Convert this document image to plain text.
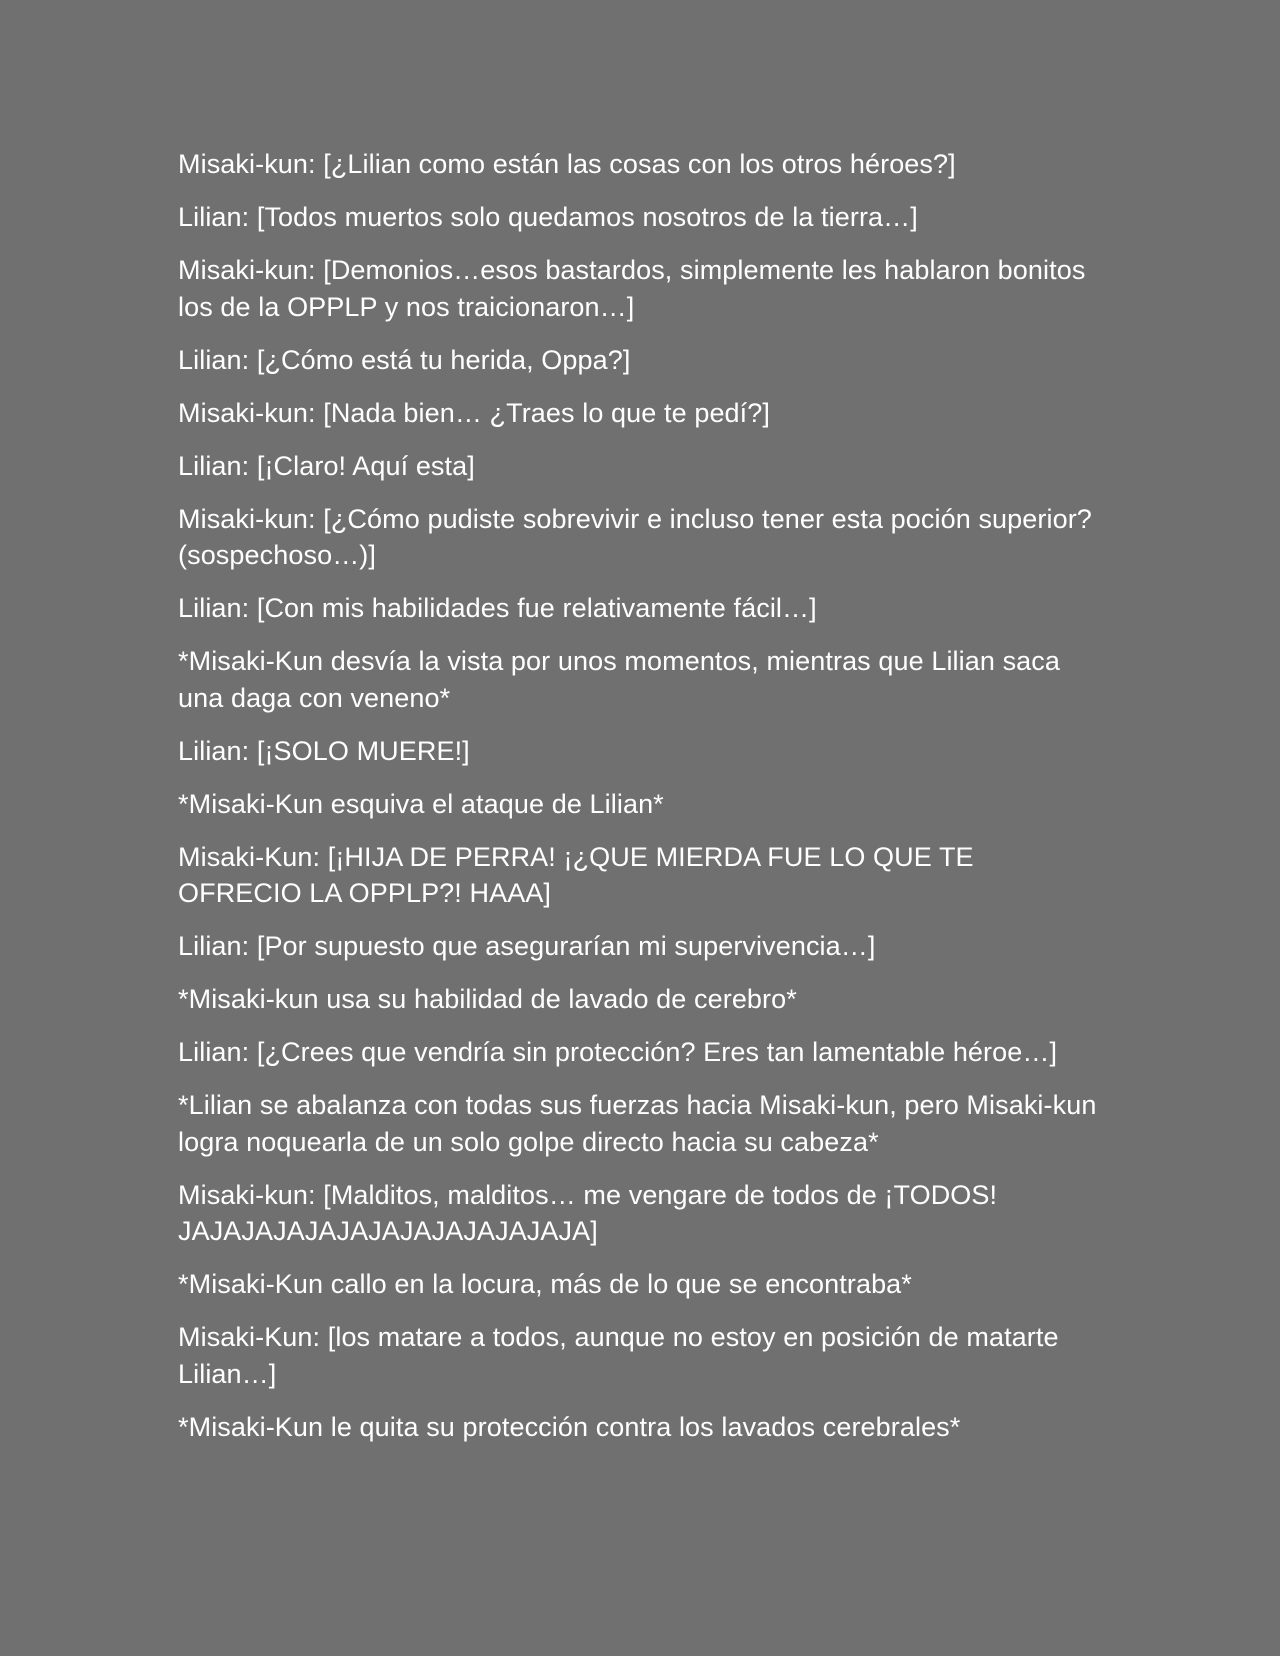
Misaki-kun: [¿Lilian como están las cosas con los otros héroes?]

Lilian: [Todos muertos solo quedamos nosotros de la tierra…]

Misaki-kun: [Demonios…esos bastardos, simplemente les hablaron bonitos los de la OPPLP y nos traicionaron…]

Lilian: [¿Cómo está tu herida, Oppa?]

Misaki-kun: [Nada bien… ¿Traes lo que te pedí?]

Lilian: [¡Claro! Aquí esta]

Misaki-kun: [¿Cómo pudiste sobrevivir e incluso tener esta poción superior? (sospechoso…)]

Lilian: [Con mis habilidades fue relativamente fácil…]

*Misaki-Kun desvía la vista por unos momentos, mientras que Lilian saca una daga con veneno*

Lilian: [¡SOLO MUERE!]

*Misaki-Kun esquiva el ataque de Lilian*

Misaki-Kun: [¡HIJA DE PERRA! ¡¿QUE MIERDA FUE LO QUE TE OFRECIO LA OPPLP?! HAAA]

Lilian: [Por supuesto que asegurarían mi supervivencia…]

*Misaki-kun usa su habilidad de lavado de cerebro*

Lilian: [¿Crees que vendría sin protección? Eres tan lamentable héroe…]

*Lilian se abalanza con todas sus fuerzas hacia Misaki-kun, pero Misaki-kun logra noquearla de un solo golpe directo hacia su cabeza*

Misaki-kun: [Malditos, malditos… me vengare de todos de ¡TODOS! JAJAJAJAJAJAJAJAJAJAJAJAJA]

*Misaki-Kun callo en la locura, más de lo que se encontraba*

Misaki-Kun: [los matare a todos, aunque no estoy en posición de matarte Lilian…]

*Misaki-Kun le quita su protección contra los lavados cerebrales*
